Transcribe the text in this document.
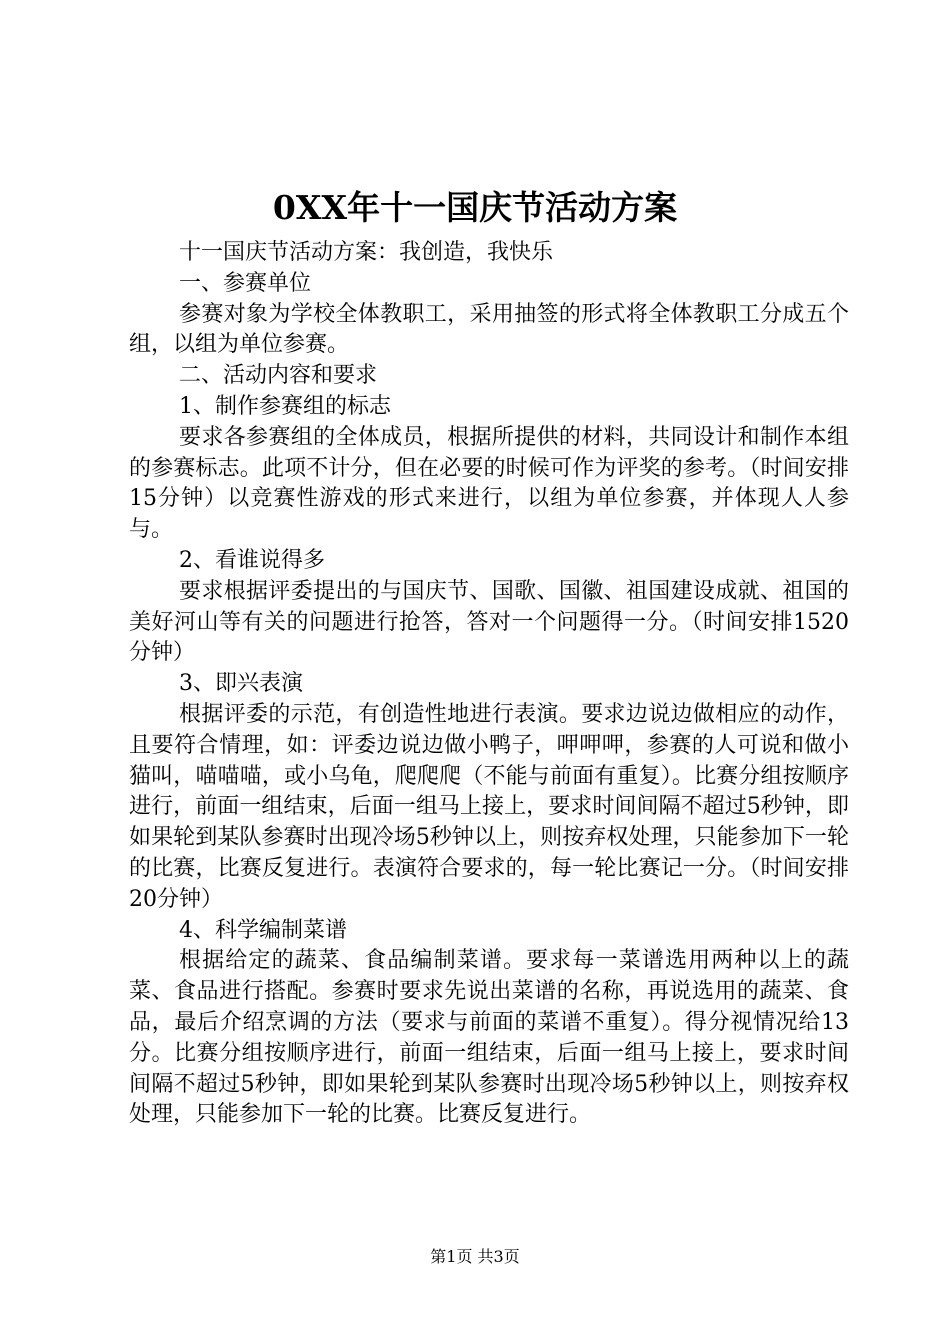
0XX年十一国庆节活动方案

十一国庆节活动方案：我创造，我快乐

一、参赛单位

参赛对象为学校全体教职工，采用抽签的形式将全体教职工分成五个组，以组为单位参赛。

二、活动内容和要求

1、制作参赛组的标志

要求各参赛组的全体成员，根据所提供的材料，共同设计和制作本组的参赛标志。此项不计分，但在必要的时候可作为评奖的参考。（时间安排15分钟）以竞赛性游戏的形式来进行，以组为单位参赛，并体现人人参与。

2、看谁说得多

要求根据评委提出的与国庆节、国歌、国徽、祖国建设成就、祖国的美好河山等有关的问题进行抢答，答对一个问题得一分。（时间安排1520分钟）

3、即兴表演

根据评委的示范，有创造性地进行表演。要求边说边做相应的动作，且要符合情理，如：评委边说边做小鸭子，呷呷呷，参赛的人可说和做小猫叫，喵喵喵，或小乌龟，爬爬爬（不能与前面有重复）。比赛分组按顺序进行，前面一组结束，后面一组马上接上，要求时间间隔不超过5秒钟，即如果轮到某队参赛时出现冷场5秒钟以上，则按弃权处理，只能参加下一轮的比赛，比赛反复进行。表演符合要求的，每一轮比赛记一分。（时间安排20分钟）

4、科学编制菜谱

根据给定的蔬菜、食品编制菜谱。要求每一菜谱选用两种以上的蔬菜、食品进行搭配。参赛时要求先说出菜谱的名称，再说选用的蔬菜、食品，最后介绍烹调的方法（要求与前面的菜谱不重复）。得分视情况给13分。比赛分组按顺序进行，前面一组结束，后面一组马上接上，要求时间间隔不超过5秒钟，即如果轮到某队参赛时出现冷场5秒钟以上，则按弃权处理，只能参加下一轮的比赛。比赛反复进行。

第1页 共3页
